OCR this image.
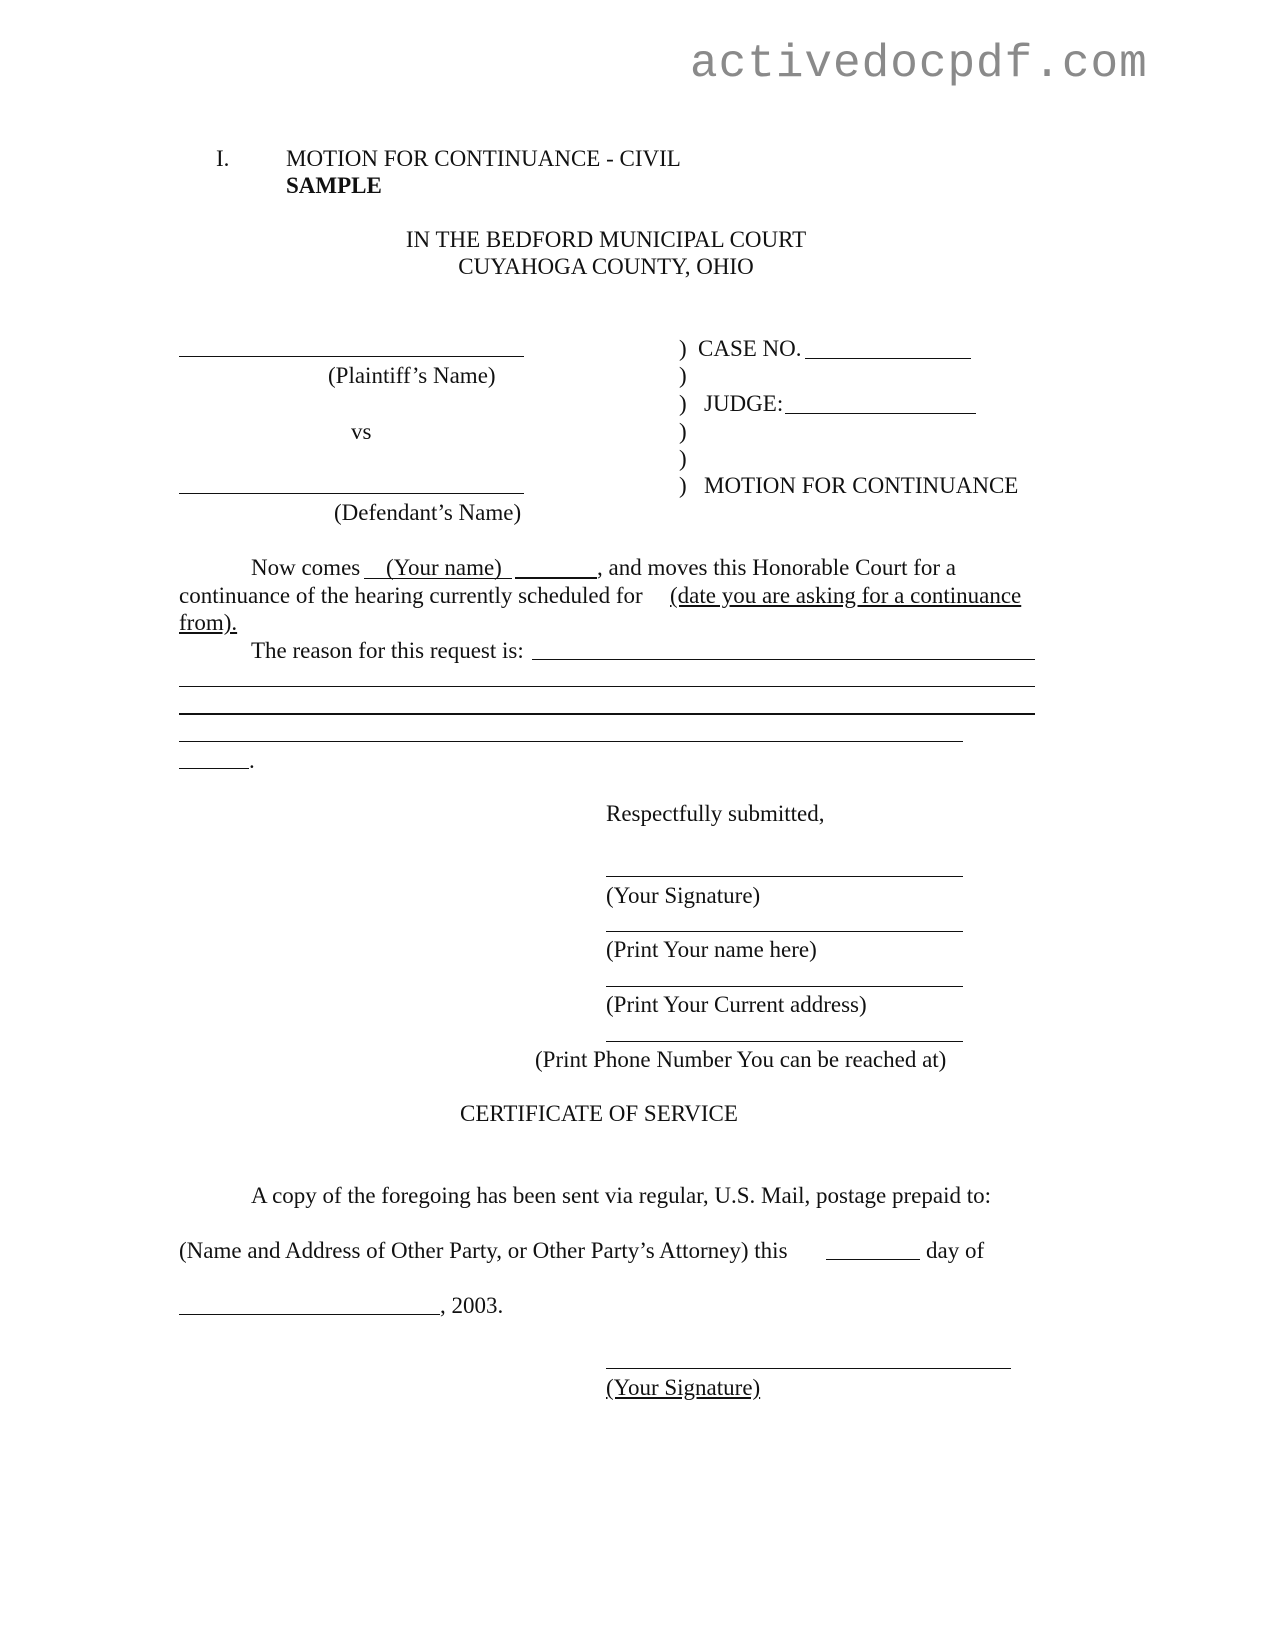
activedocpdf.com
I. MOTION FOR CONTINUANCE - CIVIL
SAMPLE
IN THE BEDFORD MUNICIPAL COURT
CUYAHOGA COUNTY, OHIO
(Plaintiff’s Name)
vs
(Defendant’s Name)
)
)
)
)
)
)
CASE NO.
JUDGE:
MOTION FOR CONTINUANCE
Now comes (Your name)	, and moves this Honorable Court for a
continuance of the hearing currently scheduled for (date you are asking for a continuance
from).
The reason for this request is:
.
Respectfully submitted,
(Your Signature)
(Print Your name here)
(Print Your Current address)
(Print Phone Number You can be reached at)
CERTIFICATE OF SERVICE
A copy of the foregoing has been sent via regular, U.S. Mail, postage prepaid to:
(Name and Address of Other Party, or Other Party’s Attorney) this	day of
, 2003.
(Your Signature)
